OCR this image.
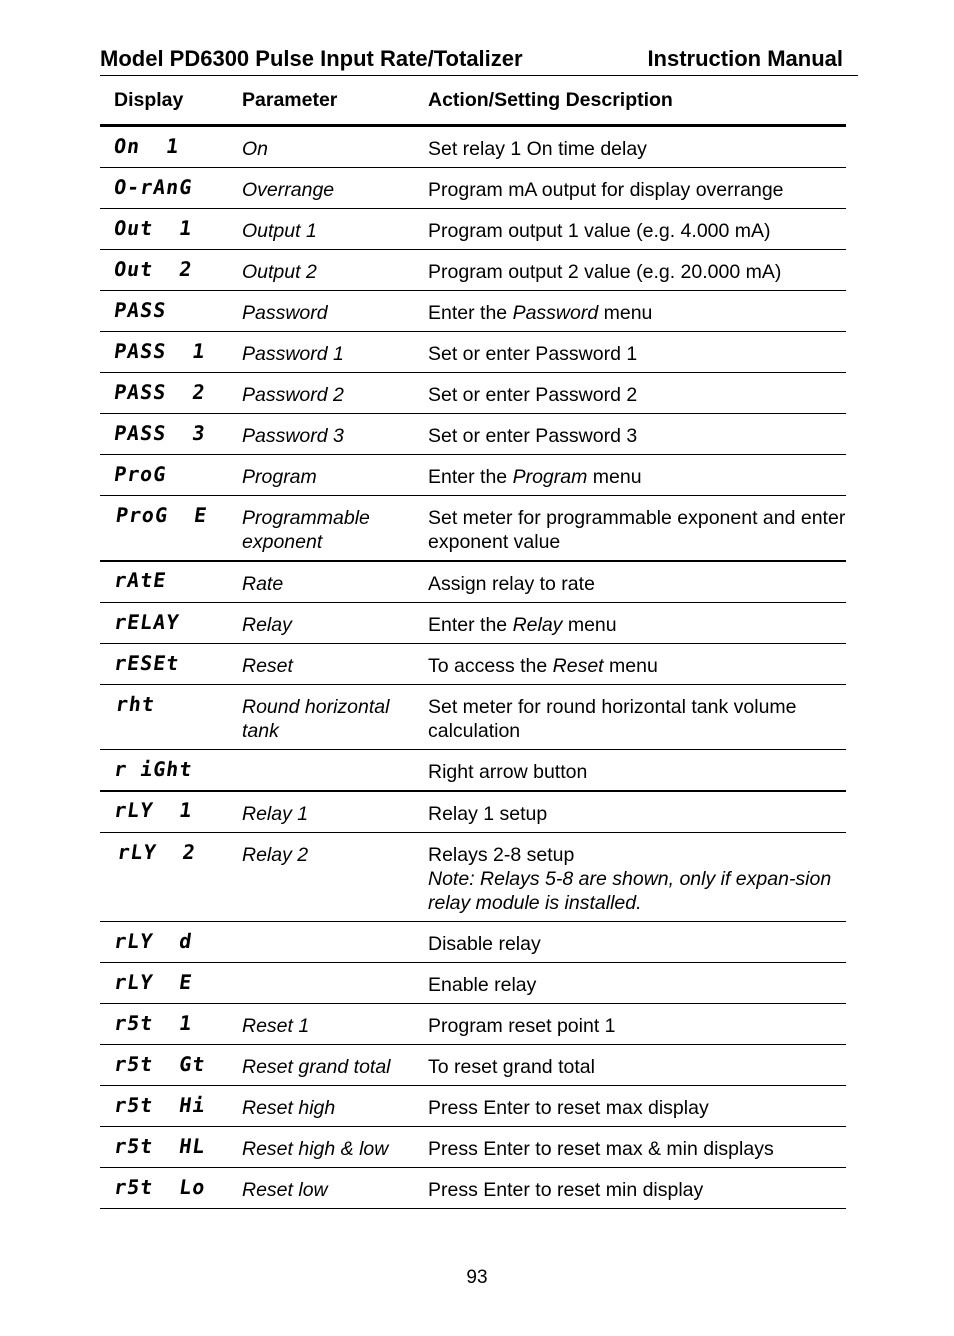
Model PD6300 Pulse Input Rate/Totalizer	Instruction Manual
Display	Parameter	Action/Setting Description
On  1	On	Set relay 1 On time delay
O-rAnG	Overrange	Program mA output for display overrange
Out  1	Output 1	Program output 1 value (e.g. 4.000 mA)
Out  2	Output 2	Program output 2 value (e.g. 20.000 mA)
PASS	Password	Enter the Password menu
PASS  1	Password 1	Set or enter Password 1
PASS  2	Password 2	Set or enter Password 2
PASS  3	Password 3	Set or enter Password 3
ProG	Program	Enter the Program menu
ProG  E	Programmable exponent	Set meter for programmable exponent and enter exponent value
rAtE	Rate	Assign relay to rate
rELAY	Relay	Enter the Relay menu
rESEt	Reset	To access the Reset menu
rht	Round horizontal tank	Set meter for round horizontal tank volume calculation
r iGht		Right arrow button
rLY  1	Relay 1	Relay 1 setup
rLY  2	Relay 2	Relays 2-8 setup
Note: Relays 5-8 are shown, only if expan-sion relay module is installed.

rLY  d		Disable relay
rLY  E		Enable relay
r5t  1	Reset 1	Program reset point 1
r5t  Gt	Reset grand total	To reset grand total
r5t  Hi	Reset high	Press Enter to reset max display
r5t  HL	Reset high & low	Press Enter to reset max & min displays
r5t  Lo	Reset low	Press Enter to reset min display
93
